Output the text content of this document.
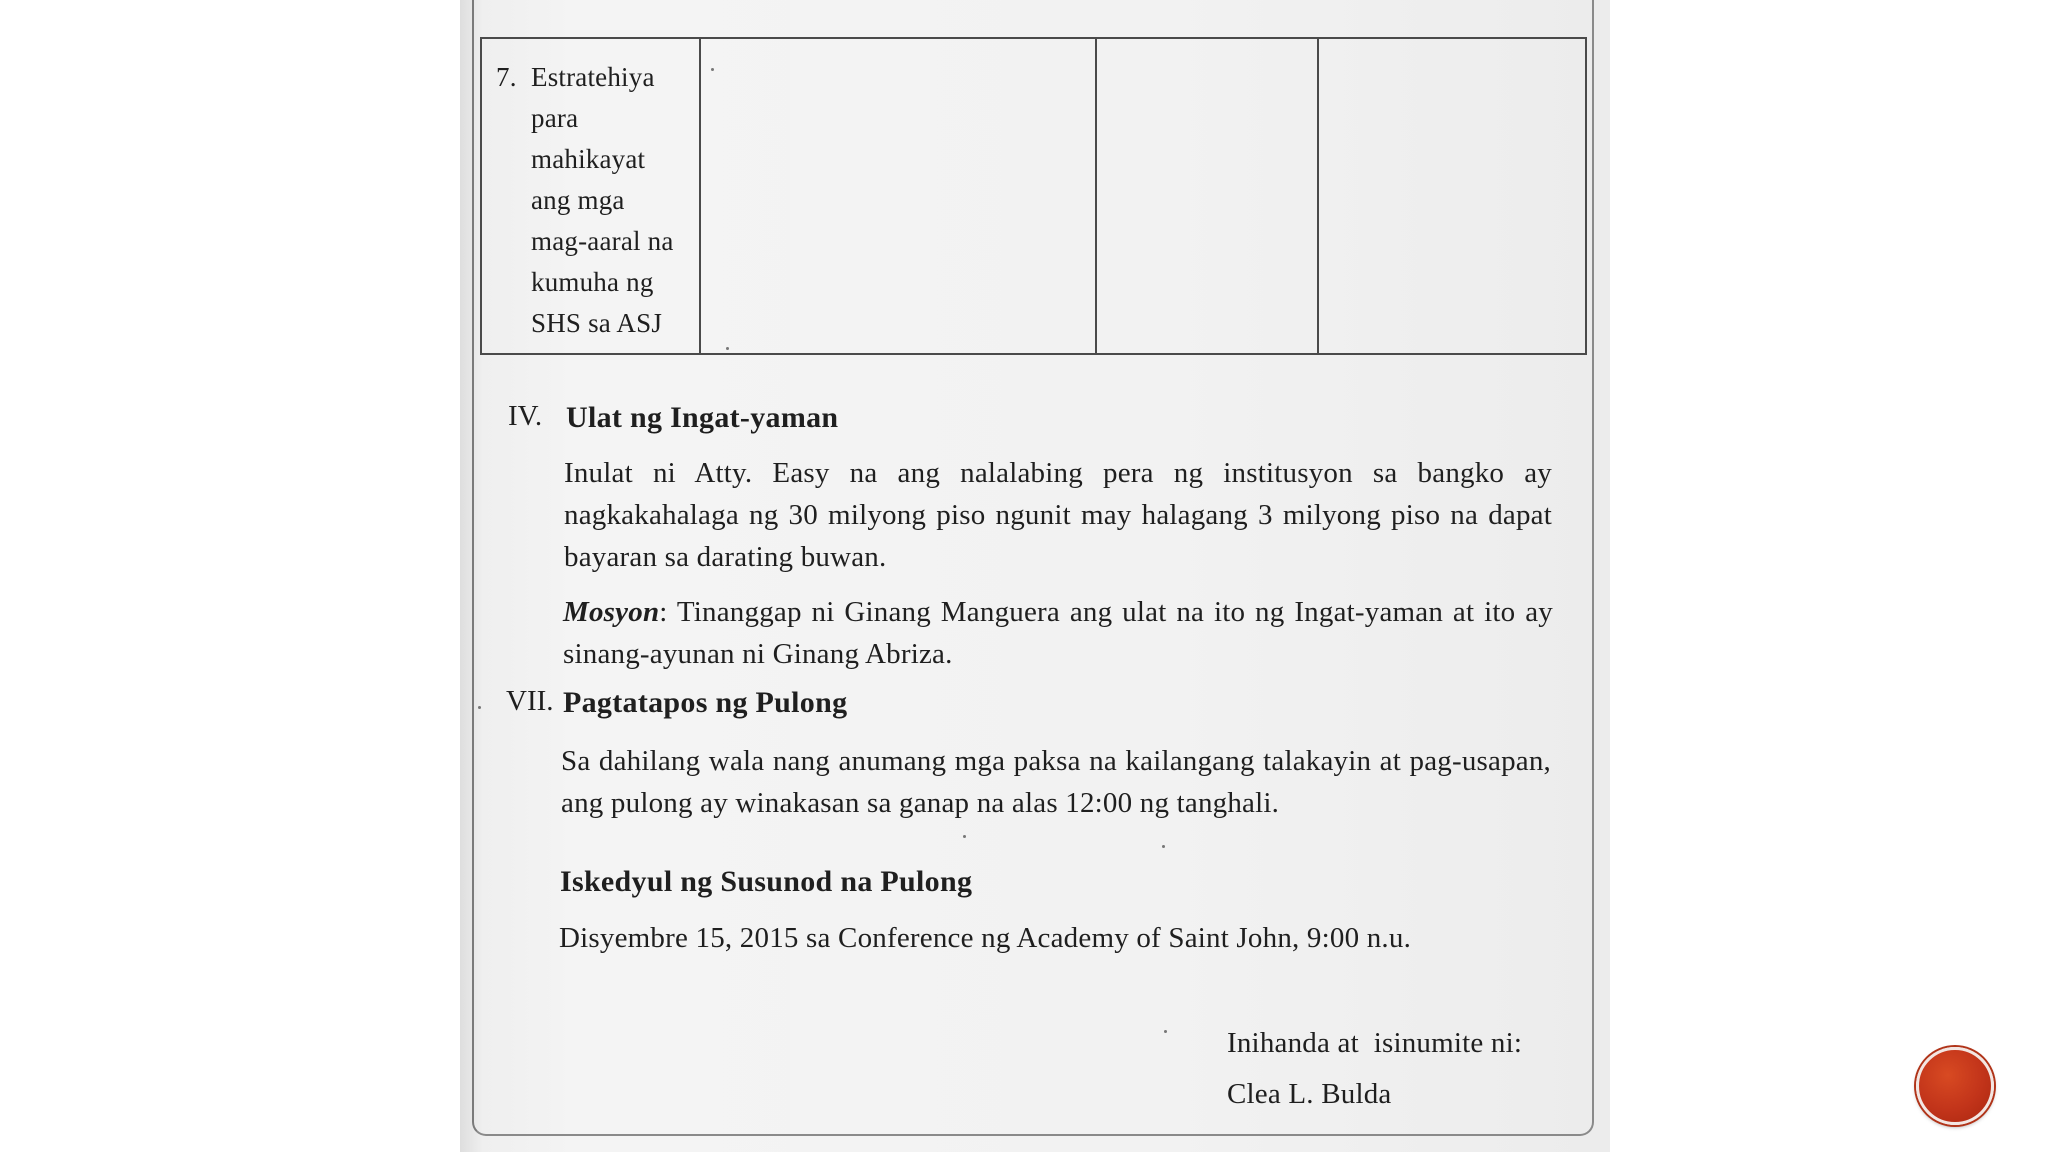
7. Estratehiya
para
mahikayat
ang mga
mag-aaral na
kumuha ng
SHS sa ASJ

IV. Ulat ng Ingat-yaman
Inulat ni Atty. Easy na ang nalalabing pera ng institusyon sa bangko ay nagkakahalaga ng 30 milyong piso ngunit may halagang 3 milyong piso na dapat bayaran sa darating buwan.
Mosyon: Tinanggap ni Ginang Manguera ang ulat na ito ng Ingat-yaman at ito ay sinang-ayunan ni Ginang Abriza.
VII. Pagtatapos ng Pulong
Sa dahilang wala nang anumang mga paksa na kailangang talakayin at pag-usapan, ang pulong ay winakasan sa ganap na alas 12:00 ng tanghali.
Iskedyul ng Susunod na Pulong
Disyembre 15, 2015 sa Conference ng Academy of Saint John, 9:00 n.u.
Inihanda at  isinumite ni:
Clea L. Bulda
